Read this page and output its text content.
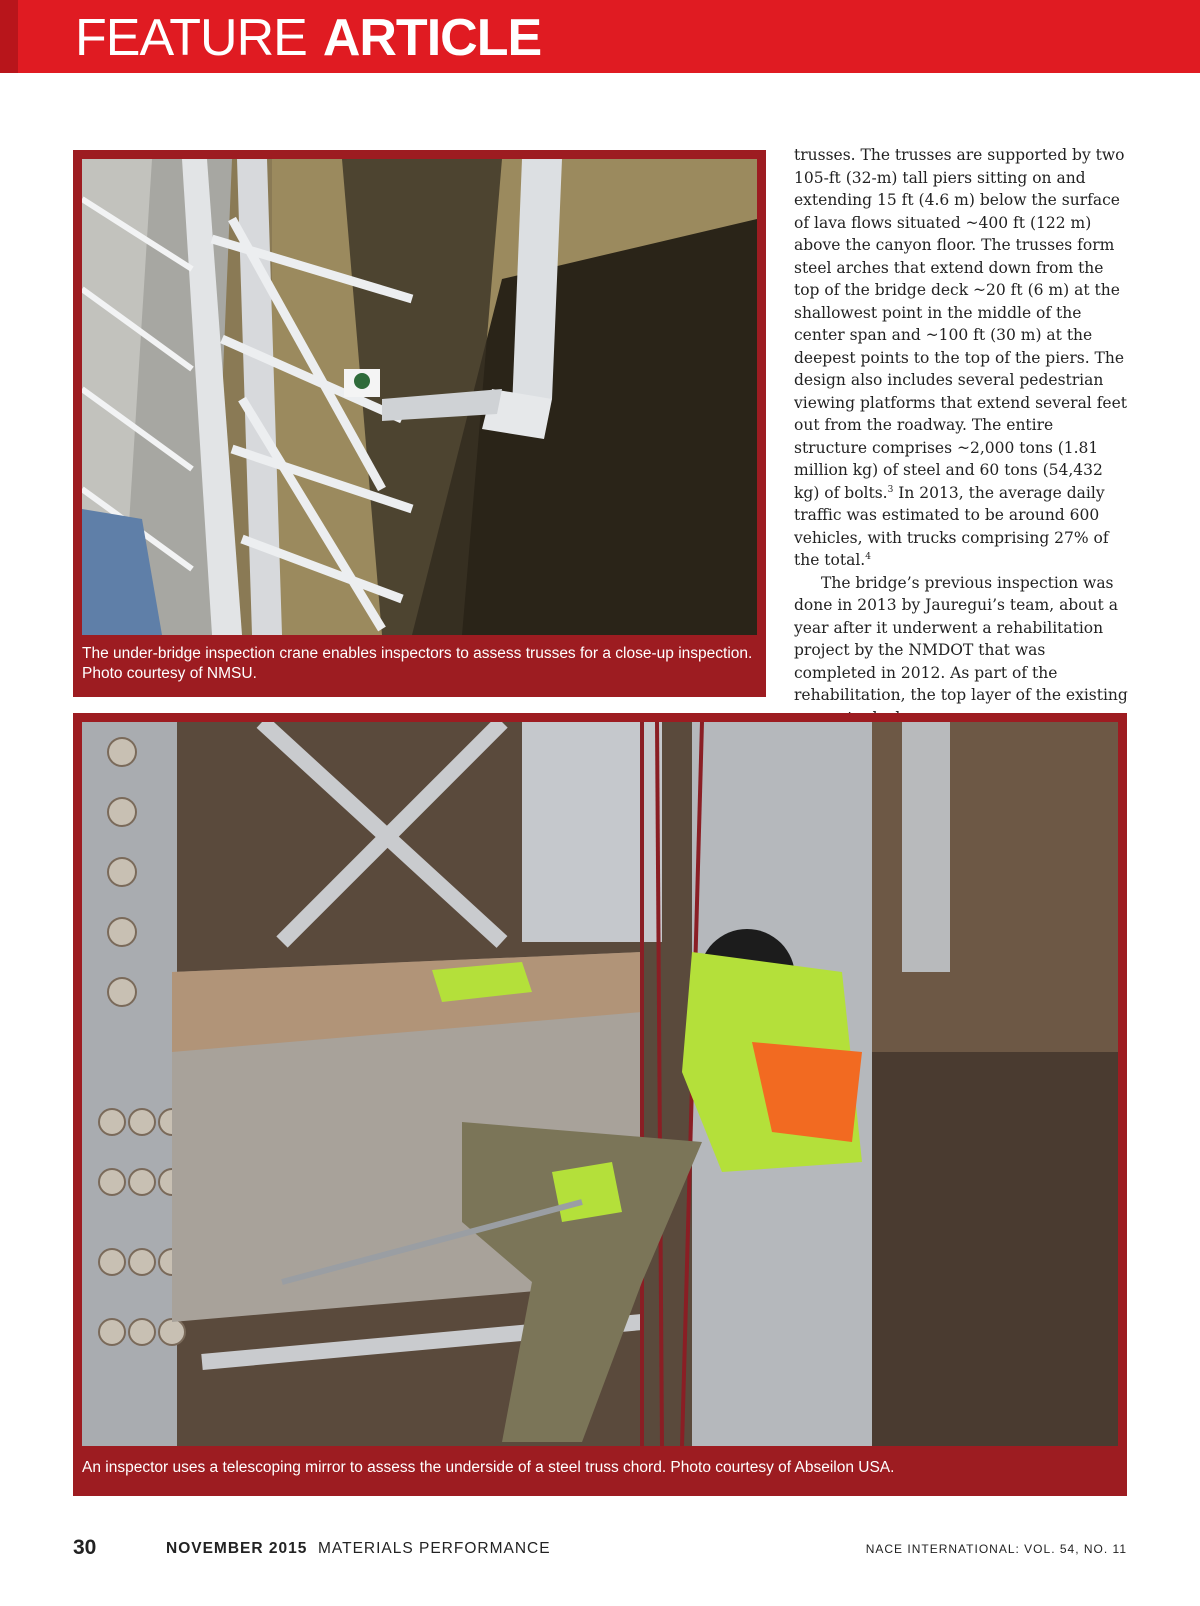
FEATURE ARTICLE
The under-bridge inspection crane enables inspectors to assess trusses for a close-up inspection. Photo courtesy of NMSU.

trusses. The trusses are supported by two 105-ft (32-m) tall piers sitting on and extending 15 ft (4.6 m) below the surface of lava flows situated ~400 ft (122 m) above the canyon floor. The trusses form steel arches that extend down from the top of the bridge deck ~20 ft (6 m) at the shallowest point in the middle of the center span and ~100 ft (30 m) at the deepest points to the top of the piers. The design also includes several pedestrian viewing platforms that extend several feet out from the roadway. The entire structure comprises ~2,000 tons (1.81 million kg) of steel and 60 tons (54,432 kg) of bolts.$^3$ In 2013, the average daily traffic was estimated to be around 600 vehicles, with trucks comprising 27% of the total.$^4$

The bridge’s previous inspection was done in 2013 by Jauregui’s team, about a year after it underwent a rehabilitation project by the NMDOT that was completed in 2012. As part of the rehabilitation, the top layer of the existing

An inspector uses a telescoping mirror to assess the underside of a steel truss chord. Photo courtesy of Abseilon USA.
30	NOVEMBER 2015 MATERIALS PERFORMANCE	NACE INTERNATIONAL: VOL. 54, NO. 11
